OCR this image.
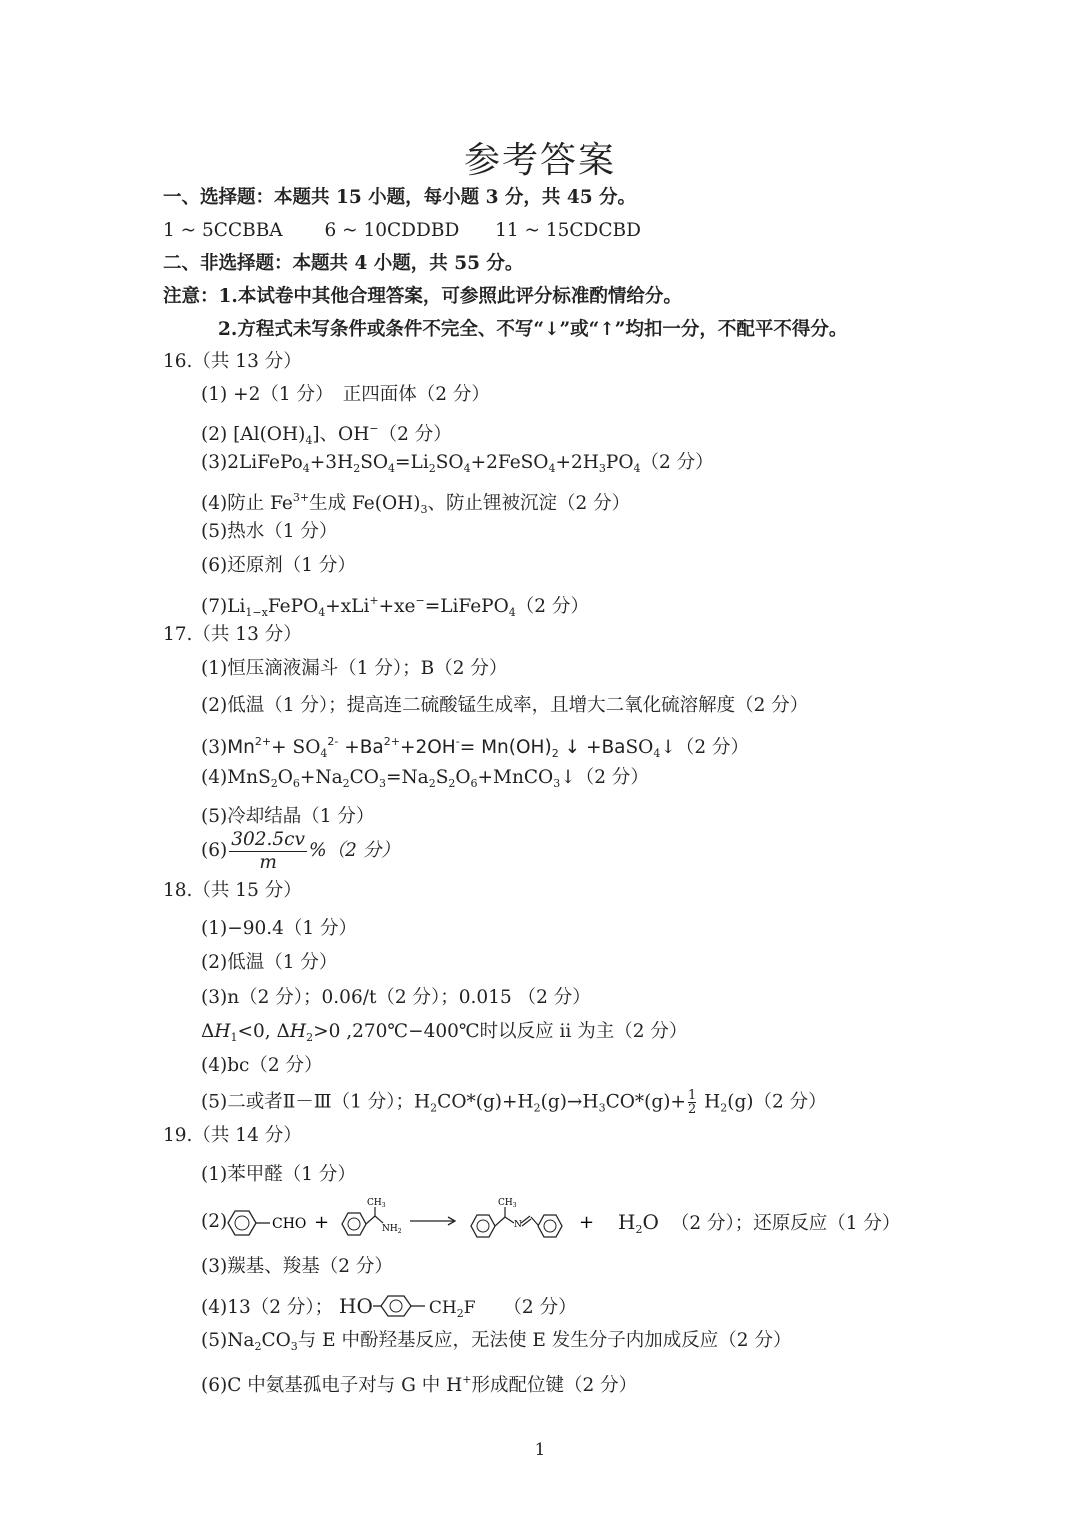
参考答案
一、选择题：本题共 15 小题，每小题 3 分，共 45 分。
1 ~ 5CCBBA 6 ~ 10CDDBD 11 ~ 15CDCBD
二、非选择题：本题共 4 小题，共 55 分。
注意：1.本试卷中其他合理答案，可参照此评分标准酌情给分。
2.方程式未写条件或条件不完全、不写“↓”或“↑”均扣一分，不配平不得分。
16.（共 13 分）
(1) +2（1 分）　正四面体（2 分）
(2) $[Al(OH)_4]$、OH−（2 分）
$(3)2LiFePo_4+3H_2SO_4=Li_2SO_4+2FeSO_4+2H_3PO_4(2$ 分）
(4)防止 $Fe^{3+}$生成 $Fe(OH)_3$、防止锂被沉淀（2 分）
(5)热水（1 分）
(6)还原剂（1 分）
$(7)Li_{1-x}FePO_4+xLi^++xe^-=LiFePO_4(2$ 分）
17.（共 13 分）
(1)恒压滴液漏斗（1 分）；B（2 分）
(2)低温（1 分）；提高连二硫酸锰生成率，且增大二氧化硫溶解度（2 分）
$(3)Mn^{2+}+ SO_4^{2-} +Ba^{2+}+2OH^-= Mn(OH)_2$ ↓ +BaSO$_4$↓（2 分）
$(4)MnS_2O_6+Na_2CO_3=Na_2S_2O_6+MnCO_3↓(2$ 分）
(5)冷却结晶（1 分）
$(6) \frac{302.5cv}{m} \%(2$ 分）
18.（共 15 分）
(1)−90.4（1 分）
(2)低温（1 分）
(3)n（2 分）；0.06/t（2 分）；0.015 （2 分）
$\Delta H_1<0$, $\Delta H_2>0$ ,270℃−400℃时以反应 ii 为主（2 分）
(4)bc（2 分）
(5)二或者Ⅱ－Ⅲ（1 分）；$H_2CO*(g)+H_2(g)\to H_3CO*(g)+ \frac{1}{2} H_2(g)(2$ 分）
19.（共 14 分）
(1)苯甲醛（1 分）
(2)	CHO +
$CH_3$
$NH_2$
$CH_3$
N	+ $H_2O$ （2 分）；还原反应（1 分）
(3)羰基、羧基（2 分）
(4)13（2 分）； HO	$CH_2F$ （2 分）
$(5)Na_2CO_3$与 E 中酚羟基反应，无法使 E 发生分子内加成反应（2 分）
(6)C 中氨基孤电子对与 G 中 H+形成配位键（2 分）
1
